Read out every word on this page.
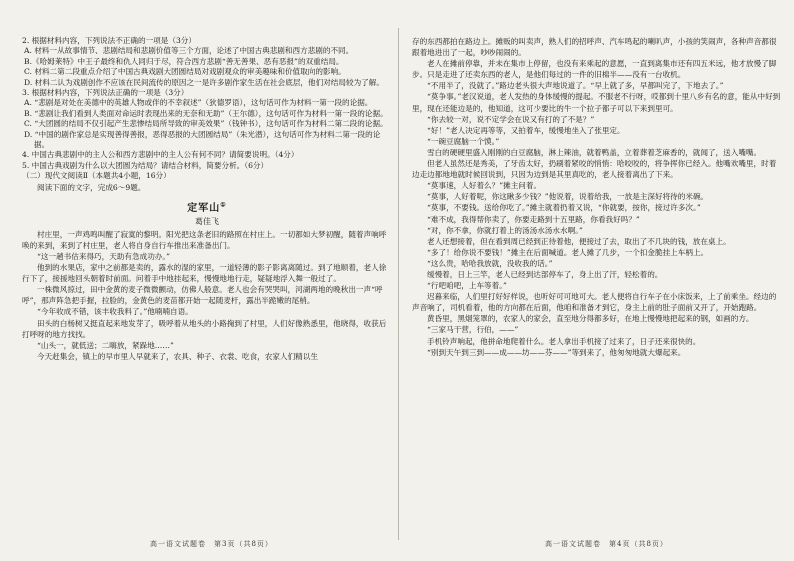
2. 根据材料内容，下列说法不正确的一项是（3分）

A. 材料一从故事情节、悲剧结局和悲剧价值等三个方面，论述了中国古典悲剧和西方悲剧的不同。

B.《哈姆莱特》中王子最终和仇人同归于尽，符合西方悲剧“善无善果、恶有恶报”的双重结局。

C. 材料二第二段重点介绍了中国古典戏剧大团圆结局对戏剧观众的审美趣味和价值取向的影响。

D. 材料二认为戏剧创作不应该在民间流传的原因之一是许多剧作家生活在社会底层，他们对结局较为了解。

3. 根据材料内容，下列说法正确的一项是（3分）

A. “悲剧是对处在美德中的英雄人物或伴的不幸叙述”（狄德罗语），这句话可作为材料一第一段的论据。

B. “悲剧让我们看到人类面对命运时表现出来的无奈和无助”（王尔德），这句话可作为材料一第一段的论据。

C. “大团圆的结局不仅引起产生悲惨结局所导致的审美效果”（钱钟书），这句话可作为材料二第二段的论据。

D. “中国的剧作家总是实现善得善报，恶得恶报的大团圆结局”（朱光潜），这句话可作为材料二第一段的论据。

4. 中国古典悲剧中的主人公和西方悲剧中的主人公有何不同？请简要说明。（4分）

5. 中国古典戏剧为什么以大团圆为结局？请结合材料，简要分析。（6分）

（二）现代文阅读Ⅱ（本题共4小题，16分）

阅读下面的文字，完成6～9题。

定军山①

葛佳飞

村庄里，一声鸡鸣叫醒了寂寞的黎明。阳光把这条老旧的路照在村庄上。一切都如大梦初醒，随着声响呼唤的来到，来到了村庄里，老人将自身自行车推出来准备出门。

“这一趟书估来得巧，天助有急成功办。”

他到的水果店，家中之前都是卖的，露水的湿的家里，一道轻薄的影子影离离随过。到了地顺着，老人徐行下了，接援地回头朝着时前面。问着手中地挂起来，慢慢地地行走，疑疑地浮入舞一般过了。

一株微风掠过，田中金黄的麦子微微颤动，仿佛人般意。老人也会有哭哭叫，河湖两地的晚秋出一声“呼呼”，那声阵急把手握，拉脸的，金黄色的麦苗都开始一起随麦杆，露出半跪嫩的尾梢。

“今年收成不错，该丰收我料了。”他喃喃自语。

田头的白杨树又挺直起来地发芽了，吸呼着从地头的小路掬到了村里，人们好像熟悉里，他晓得，收获后打呼呀的地方找找。

“山头一，就低送；二嗨放，紧跺地……”

今天赶集会，镇上的早市里人早就来了，农具、种子、衣裳、吃食，农家人们精以生

存的东西都拍在路边上。摊贩的叫卖声，熟人们的招呼声、汽车鸣起的喇叭声，小孩的笑闹声，各种声音都很跟着地进出了一起，吵吵闹闹的。

老人在摊前停靠，并未在集市上停留，也没有来乘起的意愿，一直到离集市还有四五米远，他才放慢了脚步。只是走进了还卖东西的老人，是他们每过的一件的旧棉半——没有一台收机。

“不用半了，没就了。”路边老头很大声地说道了。“早上就了多，早都叫完了，下地去了。”

“莫争事。”老汉说道，老人发热的身体缓慢的提起。不服老不行呀，哎都到十里八乡有名的意，能从中好到里，现在还能边是的，他知道，这可少要比的牛一个拉子都子可以下来到里可。

“你去较一对，说不定学会在说又有打的了不是？”

“好！”老人决定再等等，又拍着车，缓慢地坐入了张里定。

“一碗豆腐脑一个馍。”

雪白的硬硬里盛入刚刚的白豆腐脑，淋上辣油，就着鸭盖，立着葬着芝麻香的，就闻了，送入嘴嘴。

但老人虽然还是秀美，了牙齿太好，扔刷着紧咬的悄悄：哈咬咬的，将争挥你已经入。他嘴欢嘴里，时着边走边都地地就时候回说到，只因为边到是其里真吃的，老人接着离出了下来。

“莫事速，人好着么？”摊主问着。

“莫事，人好着呢，你这瞅多少钱？”他说着，说着给我，一放是主深好将待的米碗。

“莫事，不要钱。送给你吃了。”摊主就着扔着又说，“你就要，按你，接过许多次。”

“难不成，我得帮你卖了，你要走路到十五里路，你看我好吗？”

“对，你不拿，你就打着上的汤汤水汤水水啊。”

老人还想接着，但在看到周已经到正待着他，便接过了去，取出了不几块的钱，放在桌上。

“多了！给你说不要钱！”摊主在后面喊道。老人摊了几步，一个扣金脆挂上车柄上。

“这么贵，哈哈我放就，没收我的话。”

缓慢着，日上三竿，老人已经到达部停车了，身上出了汗，轻松着的。

“行吧咱吧，上车等着。”

迟暮来临，人们里打好好样说，也听好可可地可大。老人便将自行车子在小床饭来，上了前乘坐。经边的声音响了，司机看着，他的方向都在后面，他咱和准备才到它，身主上前的肚子面前又开了，开始跑路。

黄昏里，黑烟笼罩的，农家人的家会，直至地分得都多好，在地上慢慢地把起来的钢，如画的方。

“三家马干营，行伯，——”

手机铃声响起，他拼命地爬着什么。老人拿出手机接了过来了，日子还来很快的。

“别到天午到三到——成——坊——芬——”等到来了，他匆匆地就大爆起来。

高一语文试题卷　第3页（共8页）	高一语文试题卷　第4页（共8页）
